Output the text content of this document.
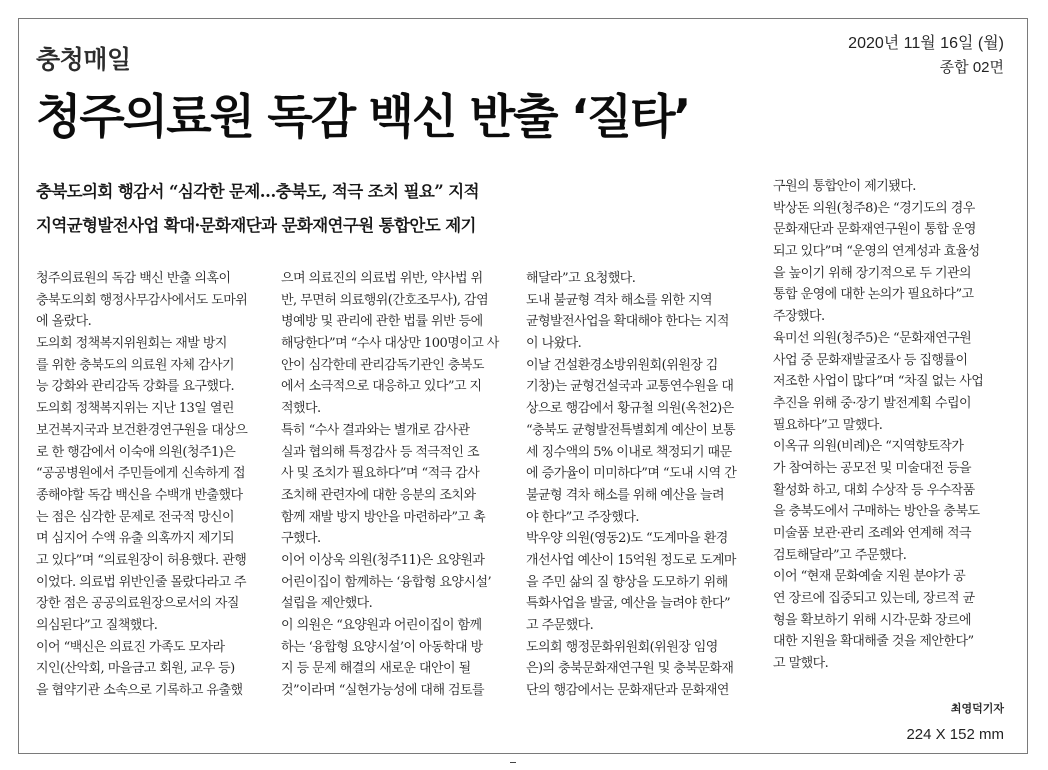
충청매일
2020년 11월 16일 (월)
종합 02면
청주의료원 독감 백신 반출 ‘질타’
충북도의회 행감서 “심각한 문제…충북도, 적극 조치 필요” 지적
지역균형발전사업 확대·문화재단과 문화재연구원 통합안도 제기
청주의료원의 독감 백신 반출 의혹이
충북도의회 행정사무감사에서도 도마위
에 올랐다.
도의회 정책복지위원회는 재발 방지
를 위한 충북도의 의료원 자체 감사기
능 강화와 관리감독 강화를 요구했다.
도의회 정책복지위는 지난 13일 열린
보건복지국과 보건환경연구원을 대상으
로 한 행감에서 이숙애 의원(청주1)은
“공공병원에서 주민들에게 신속하게 접
종해야할 독감 백신을 수백개 반출했다
는 점은 심각한 문제로 전국적 망신이
며 심지어 수액 유출 의혹까지 제기되
고 있다”며 “의료원장이 허용했다. 관행
이었다. 의료법 위반인줄 몰랐다라고 주
장한 점은 공공의료원장으로서의 자질
의심된다”고 질책했다.
이어 “백신은 의료진 가족도 모자라
지인(산악회, 마을금고 회원, 교우 등)
을 협약기관 소속으로 기록하고 유출했
으며 의료진의 의료법 위반, 약사법 위
반, 무면허 의료행위(간호조무사), 감염
병예방 및 관리에 관한 법률 위반 등에
해당한다”며 “수사 대상만 100명이고 사
안이 심각한데 관리감독기관인 충북도
에서 소극적으로 대응하고 있다”고 지
적했다.
특히 “수사 결과와는 별개로 감사관
실과 협의해 특정감사 등 적극적인 조
사 및 조치가 필요하다”며 “적극 감사
조치해 관련자에 대한 응분의 조치와
함께 재발 방지 방안을 마련하라”고 촉
구했다.
이어 이상욱 의원(청주11)은 요양원과
어린이집이 함께하는 ‘융합형 요양시설’
설립을 제안했다.
이 의원은 “요양원과 어린이집이 함께
하는 ‘융합형 요양시설’이 아동학대 방
지 등 문제 해결의 새로운 대안이 될
것”이라며 “실현가능성에 대해 검토를
해달라”고 요청했다.
도내 불균형 격차 해소를 위한 지역
균형발전사업을 확대해야 한다는 지적
이 나왔다.
이날 건설환경소방위원회(위원장 김
기창)는 균형건설국과 교통연수원을 대
상으로 행감에서 황규철 의원(옥천2)은
“충북도 균형발전특별회계 예산이 보통
세 징수액의 5% 이내로 책정되기 때문
에 증가율이 미미하다”며 “도내 시역 간
불균형 격차 해소를 위해 예산을 늘려
야 한다”고 주장했다.
박우양 의원(영동2)도 “도계마을 환경
개선사업 예산이 15억원 정도로 도계마
을 주민 삶의 질 향상을 도모하기 위해
특화사업을 발굴, 예산을 늘려야 한다”
고 주문했다.
도의회 행정문화위원회(위원장 임영
은)의 충북문화재연구원 및 충북문화재
단의 행감에서는 문화재단과 문화재연
구원의 통합안이 제기됐다.
박상돈 의원(청주8)은 “경기도의 경우
문화재단과 문화재연구원이 통합 운영
되고 있다”며 “운영의 연계성과 효율성
을 높이기 위해 장기적으로 두 기관의
통합 운영에 대한 논의가 필요하다”고
주장했다.
육미선 의원(청주5)은 “문화재연구원
사업 중 문화재발굴조사 등 집행률이
저조한 사업이 많다”며 “차질 없는 사업
추진을 위해 중·장기 발전계획 수립이
필요하다”고 말했다.
이옥규 의원(비례)은 “지역향토작가
가 참여하는 공모전 및 미술대전 등을
활성화 하고, 대회 수상작 등 우수작품
을 충북도에서 구매하는 방안을 충북도
미술품 보관·관리 조례와 연계해 적극
검토해달라”고 주문했다.
이어 “현재 문화예술 지원 분야가 공
연 장르에 집중되고 있는데, 장르적 균
형을 확보하기 위해 시각·문화 장르에
대한 지원을 확대해줄 것을 제안한다”
고 말했다.
최영덕기자
224 X 152 mm
